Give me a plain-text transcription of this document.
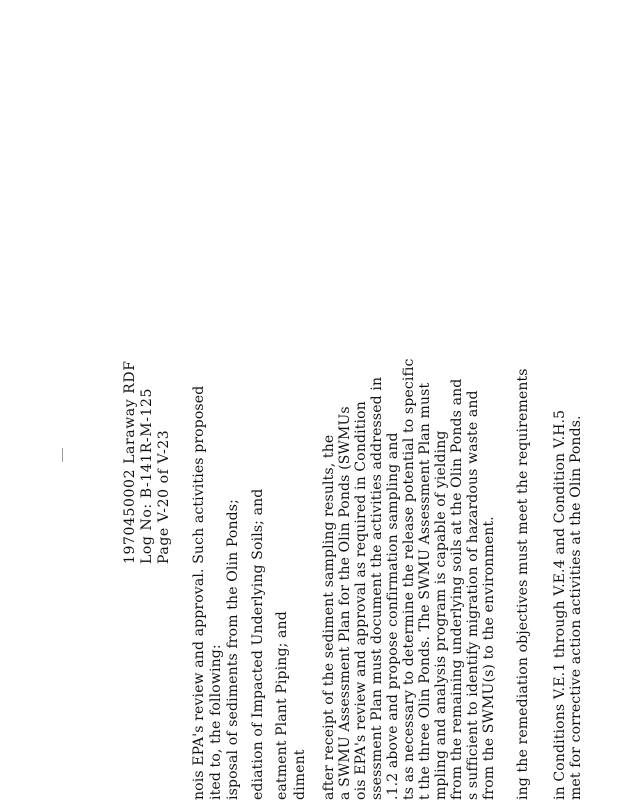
1970450002 Laraway RDF Log No: B-141R-M-125 Page V-20 of V-23 nois EPA's review and approval. Such activities proposed ited to, the following: isposal of sediments from the Olin Ponds; ediation of Impacted Underlying Soils; and eatment Plant Piping; and diment after receipt of the sediment sampling results, the a SWMU Assessment Plan for the Olin Ponds (SWMUs ois EPA's review and approval as required in Condition ssessment Plan must document the activities addressed in .1.2 above and propose confirmation sampling and ts as necessary to determine the release potential to specific t the three Olin Ponds. The SWMU Assessment Plan must mpling and analysis program is capable of yielding from the remaining underlying soils at the Olin Ponds and s sufficient to identify migration of hazardous waste and from the SWMU(s) to the environment. ing the remediation objectives must meet the requirements in Conditions V.E.1 through V.E.4 and Condition V.H.5 met for corrective action activities at the Olin Ponds.
